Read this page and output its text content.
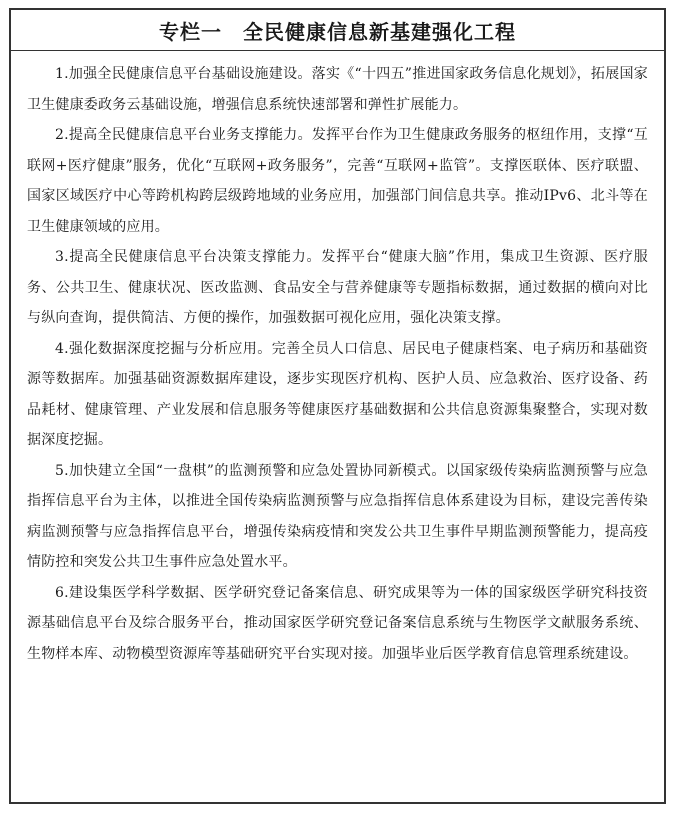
专栏一　全民健康信息新基建强化工程

1.加强全民健康信息平台基础设施建设。落实《“十四五”推进国家政务信息化规划》，拓展国家卫生健康委政务云基础设施，增强信息系统快速部署和弹性扩展能力。

2.提高全民健康信息平台业务支撑能力。发挥平台作为卫生健康政务服务的枢纽作用，支撑“互联网+医疗健康”服务，优化“互联网+政务服务”，完善“互联网+监管”。支撑医联体、医疗联盟、国家区域医疗中心等跨机构跨层级跨地域的业务应用，加强部门间信息共享。推动IPv6、北斗等在卫生健康领域的应用。

3.提高全民健康信息平台决策支撑能力。发挥平台“健康大脑”作用，集成卫生资源、医疗服务、公共卫生、健康状况、医改监测、食品安全与营养健康等专题指标数据，通过数据的横向对比与纵向查询，提供简洁、方便的操作，加强数据可视化应用，强化决策支撑。

4.强化数据深度挖掘与分析应用。完善全员人口信息、居民电子健康档案、电子病历和基础资源等数据库。加强基础资源数据库建设，逐步实现医疗机构、医护人员、应急救治、医疗设备、药品耗材、健康管理、产业发展和信息服务等健康医疗基础数据和公共信息资源集聚整合，实现对数据深度挖掘。

5.加快建立全国“一盘棋”的监测预警和应急处置协同新模式。以国家级传染病监测预警与应急指挥信息平台为主体，以推进全国传染病监测预警与应急指挥信息体系建设为目标，建设完善传染病监测预警与应急指挥信息平台，增强传染病疫情和突发公共卫生事件早期监测预警能力，提高疫情防控和突发公共卫生事件应急处置水平。

6.建设集医学科学数据、医学研究登记备案信息、研究成果等为一体的国家级医学研究科技资源基础信息平台及综合服务平台，推动国家医学研究登记备案信息系统与生物医学文献服务系统、生物样本库、动物模型资源库等基础研究平台实现对接。加强毕业后医学教育信息管理系统建设。
